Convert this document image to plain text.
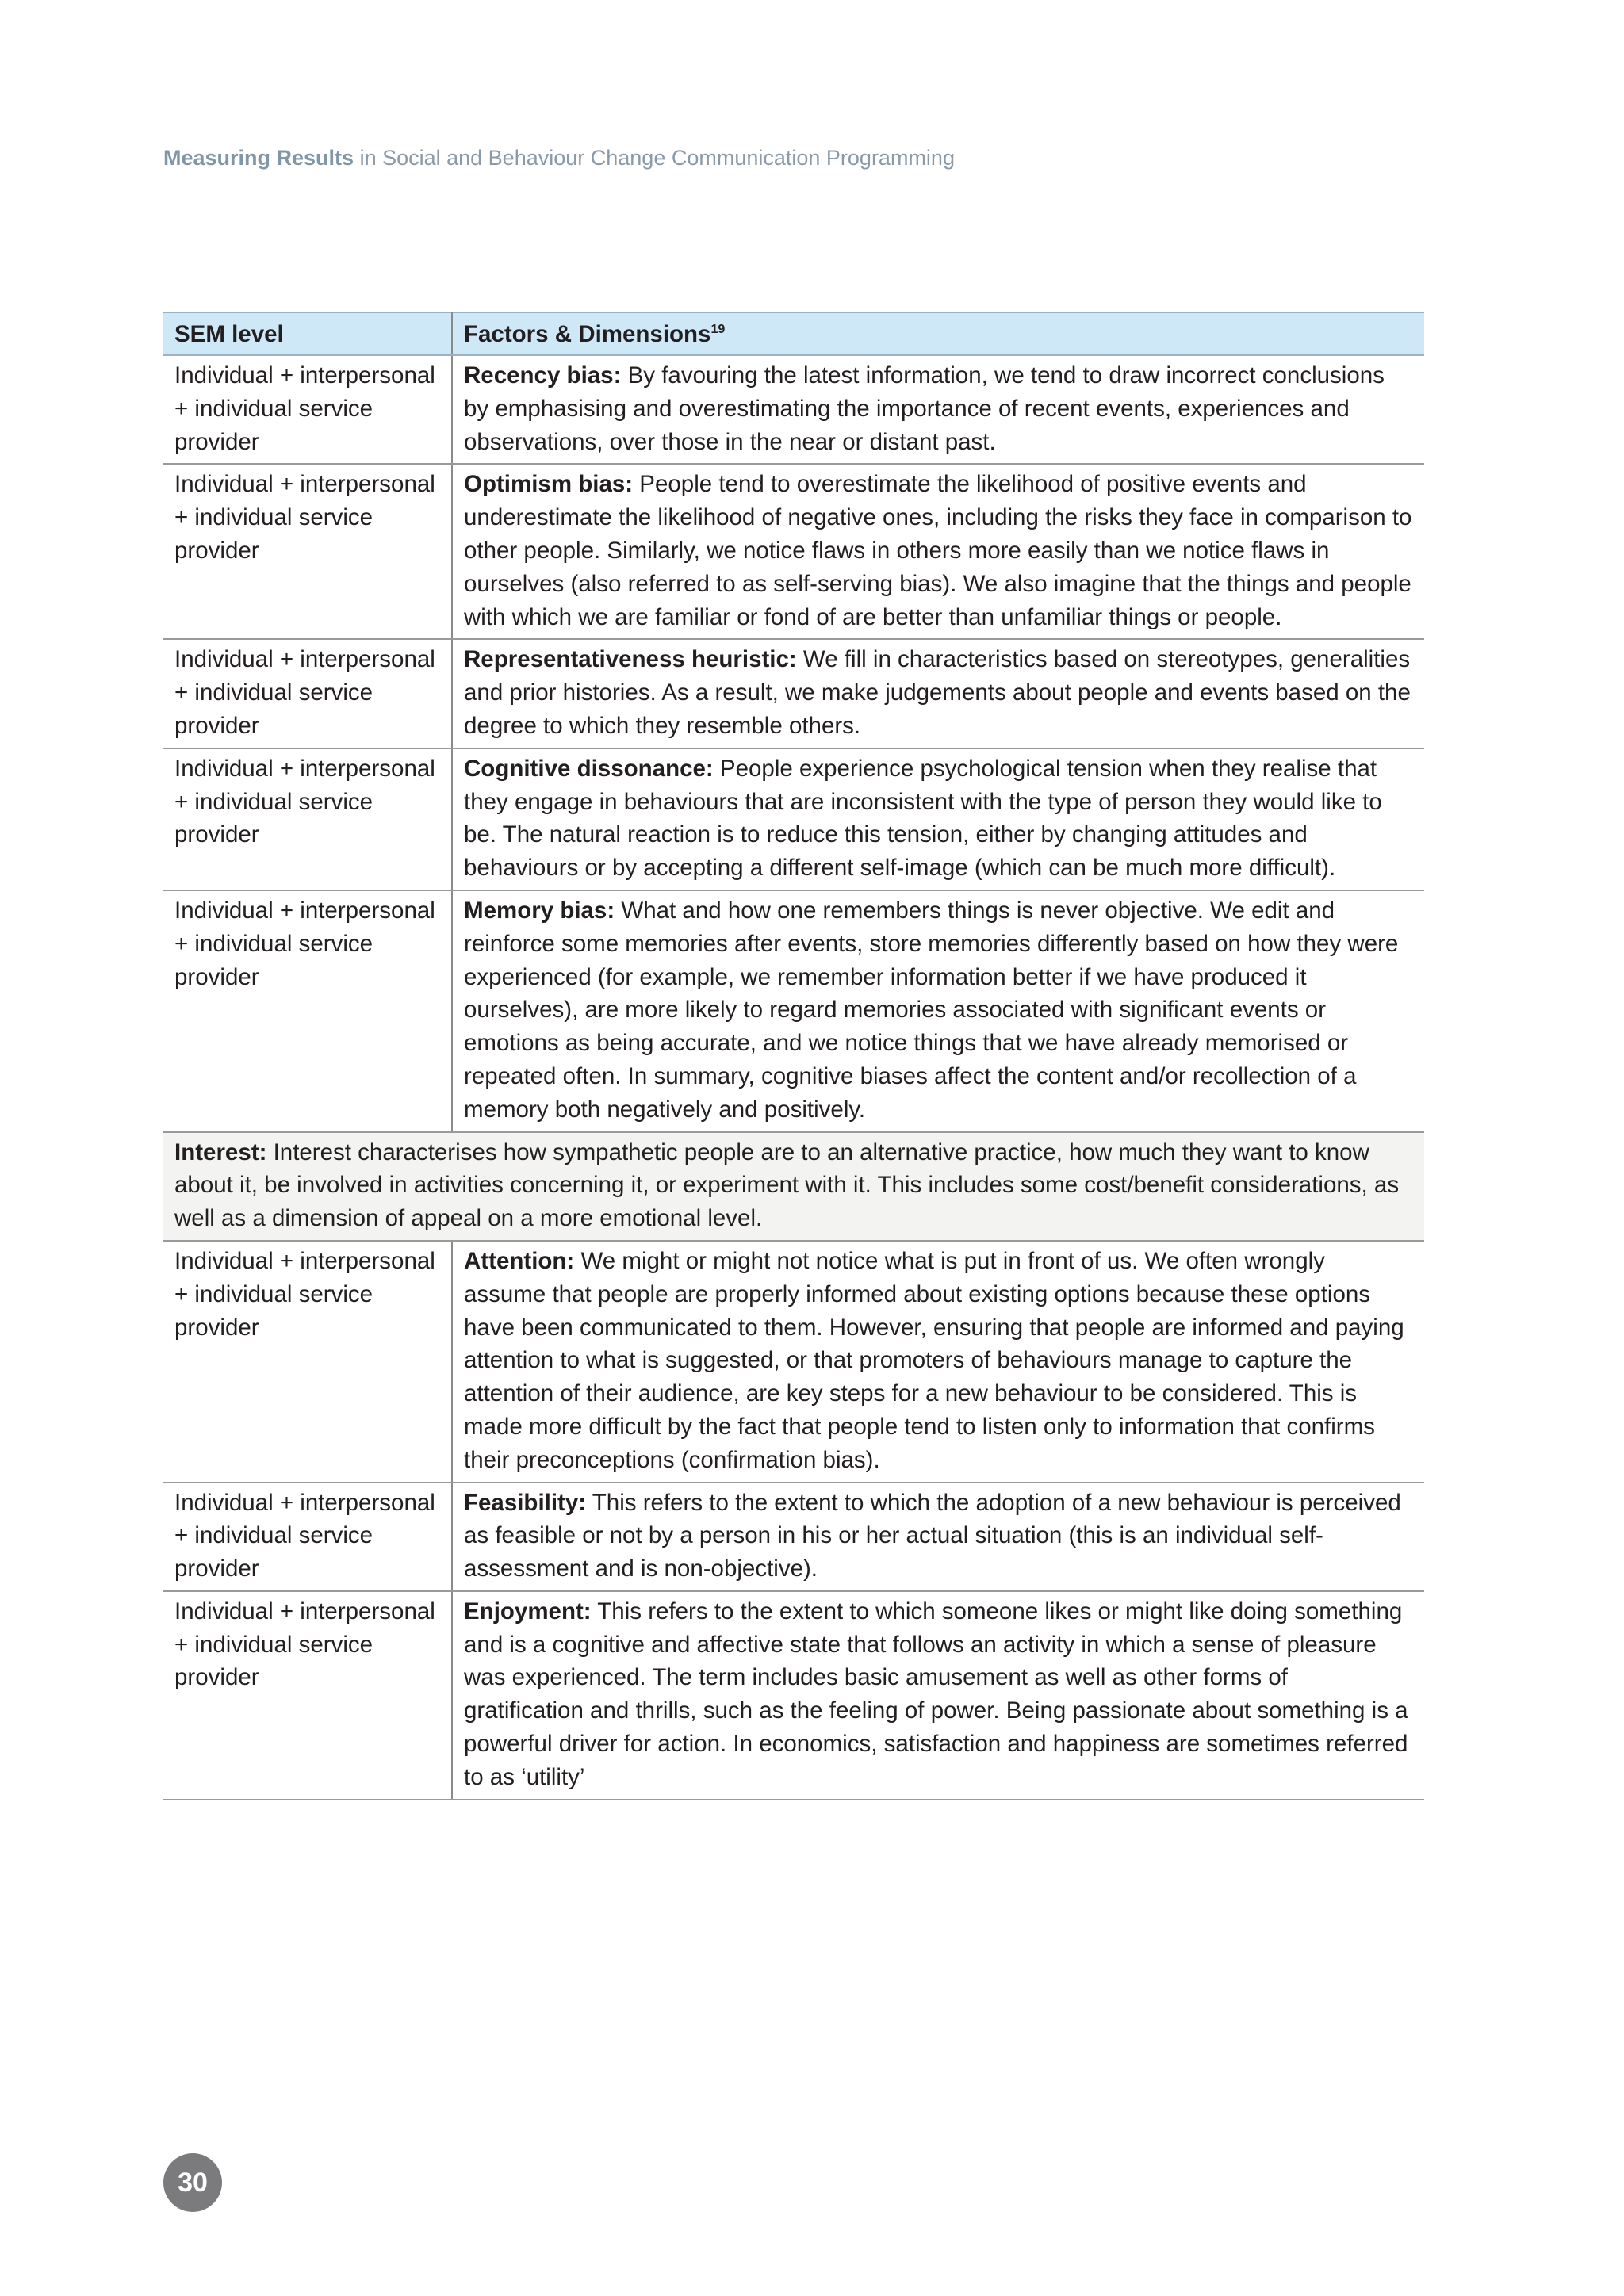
Measuring Results in Social and Behaviour Change Communication Programming
SEM level	Factors & Dimensions$^{19}$
Individual + interpersonal + individual service provider	Recency bias: By favouring the latest information, we tend to draw incorrect conclusions by emphasising and overestimating the importance of recent events, experiences and observations, over those in the near or distant past.
Individual + interpersonal + individual service provider	Optimism bias: People tend to overestimate the likelihood of positive events and underestimate the likelihood of negative ones, including the risks they face in comparison to other people. Similarly, we notice flaws in others more easily than we notice flaws in ourselves (also referred to as self-serving bias). We also imagine that the things and people with which we are familiar or fond of are better than unfamiliar things or people.
Individual + interpersonal + individual service provider	Representativeness heuristic: We fill in characteristics based on stereotypes, generalities and prior histories. As a result, we make judgements about people and events based on the degree to which they resemble others.
Individual + interpersonal + individual service provider	Cognitive dissonance: People experience psychological tension when they realise that they engage in behaviours that are inconsistent with the type of person they would like to be. The natural reaction is to reduce this tension, either by changing attitudes and behaviours or by accepting a different self-image (which can be much more difficult).
Individual + interpersonal + individual service provider	Memory bias: What and how one remembers things is never objective. We edit and reinforce some memories after events, store memories differently based on how they were experienced (for example, we remember information better if we have produced it ourselves), are more likely to regard memories associated with significant events or emotions as being accurate, and we notice things that we have already memorised or repeated often. In summary, cognitive biases affect the content and/or recollection of a memory both negatively and positively.
Interest: Interest characterises how sympathetic people are to an alternative practice, how much they want to know about it, be involved in activities concerning it, or experiment with it. This includes some cost/benefit considerations, as well as a dimension of appeal on a more emotional level.	
Individual + interpersonal + individual service provider	Attention: We might or might not notice what is put in front of us. We often wrongly assume that people are properly informed about existing options because these options have been communicated to them. However, ensuring that people are informed and paying attention to what is suggested, or that promoters of behaviours manage to capture the attention of their audience, are key steps for a new behaviour to be considered. This is made more difficult by the fact that people tend to listen only to information that confirms their preconceptions (confirmation bias).
Individual + interpersonal + individual service provider	Feasibility: This refers to the extent to which the adoption of a new behaviour is perceived as feasible or not by a person in his or her actual situation (this is an individual self-assessment and is non-objective).
Individual + interpersonal + individual service provider	Enjoyment: This refers to the extent to which someone likes or might like doing something and is a cognitive and affective state that follows an activity in which a sense of pleasure was experienced. The term includes basic amusement as well as other forms of gratification and thrills, such as the feeling of power. Being passionate about something is a powerful driver for action. In economics, satisfaction and happiness are sometimes referred to as ‘utility’
30
